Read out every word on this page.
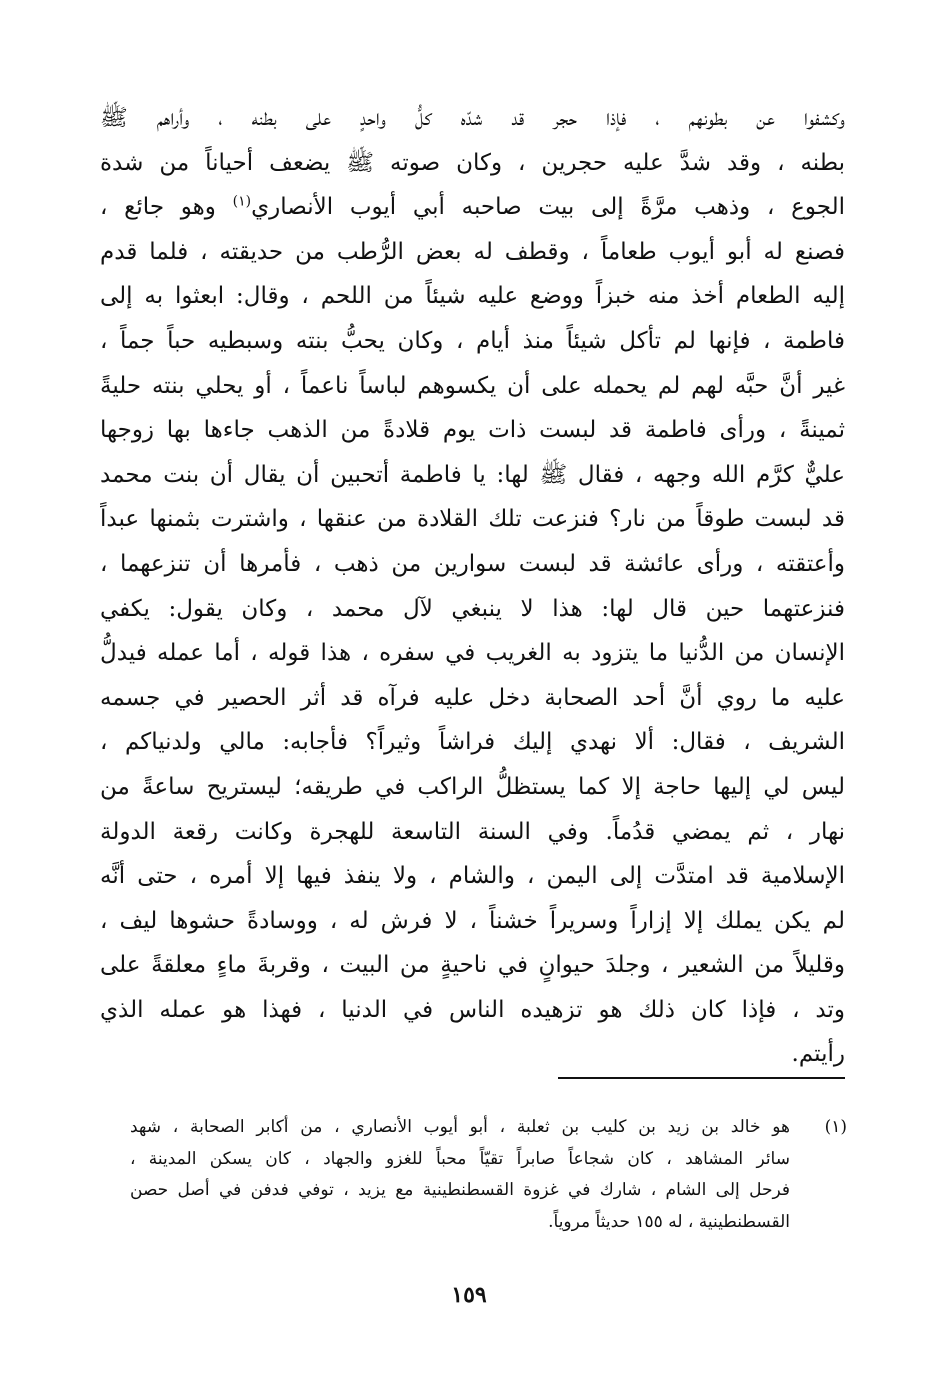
وكشفوا عن بطونهم ، فإذا حجر قد شدّه كلُّ واحدٍ على بطنه ، وأراهم ﷺ
بطنه ، وقد شدَّ عليه حجرين ، وكان صوته ﷺ يضعف أحياناً من شدة
الجوع ، وذهب مرَّةً إلى بيت صاحبه أبي أيوب الأنصاري$^{(١)}$ وهو جائع ،
فصنع له أبو أيوب طعاماً ، وقطف له بعض الرُّطب من حديقته ، فلما قدم
إليه الطعام أخذ منه خبزاً ووضع عليه شيئاً من اللحم ، وقال: ابعثوا به إلى
فاطمة ، فإنها لم تأكل شيئاً منذ أيام ، وكان يحبُّ بنته وسبطيه حباً جماً ،
غير أنَّ حبَّه لهم لم يحمله على أن يكسوهم لباساً ناعماً ، أو يحلي بنته حليةً
ثمينةً ، ورأى فاطمة قد لبست ذات يوم قلادةً من الذهب جاءها بها زوجها
عليٌّ كرَّم الله وجهه ، فقال ﷺ لها: يا فاطمة أتحبين أن يقال أن بنت محمد
قد لبست طوقاً من نار؟ فنزعت تلك القلادة من عنقها ، واشترت بثمنها عبداً
وأعتقته ، ورأى عائشة قد لبست سوارين من ذهب ، فأمرها أن تنزعهما ،
فنزعتهما حين قال لها: هذا لا ينبغي لآل محمد ، وكان يقول: يكفي
الإنسان من الدُّنيا ما يتزود به الغريب في سفره ، هذا قوله ، أما عمله فيدلُّ
عليه ما روي أنَّ أحد الصحابة دخل عليه فرآه قد أثر الحصير في جسمه
الشريف ، فقال: ألا نهدي إليك فراشاً وثيراً؟ فأجابه: مالي ولدنياكم ،
ليس لي إليها حاجة إلا كما يستظلُّ الراكب في طريقه؛ ليستريح ساعةً من
نهار ، ثم يمضي قدُماً. وفي السنة التاسعة للهجرة وكانت رقعة الدولة
الإسلامية قد امتدَّت إلى اليمن ، والشام ، ولا ينفذ فيها إلا أمره ، حتى أنَّه
لم يكن يملك إلا إزاراً وسريراً خشناً ، لا فرش له ، ووسادةً حشوها ليف ،
وقليلاً من الشعير ، وجلدَ حيوانٍ في ناحيةٍ من البيت ، وقربةَ ماءٍ معلقةً على
وتد ، فإذا كان ذلك هو تزهيده الناس في الدنيا ، فهذا هو عمله الذي
رأيتم.
(١)
هو خالد بن زيد بن كليب بن ثعلبة ، أبو أيوب الأنصاري ، من أكابر الصحابة ، شهد
سائر المشاهد ، كان شجاعاً صابراً تقيّاً محباً للغزو والجهاد ، كان يسكن المدينة ،
فرحل إلى الشام ، شارك في غزوة القسطنطينية مع يزيد ، توفي فدفن في أصل حصن
القسطنطينية ، له ١٥٥ حديثاً مروياً.
١٥٩
